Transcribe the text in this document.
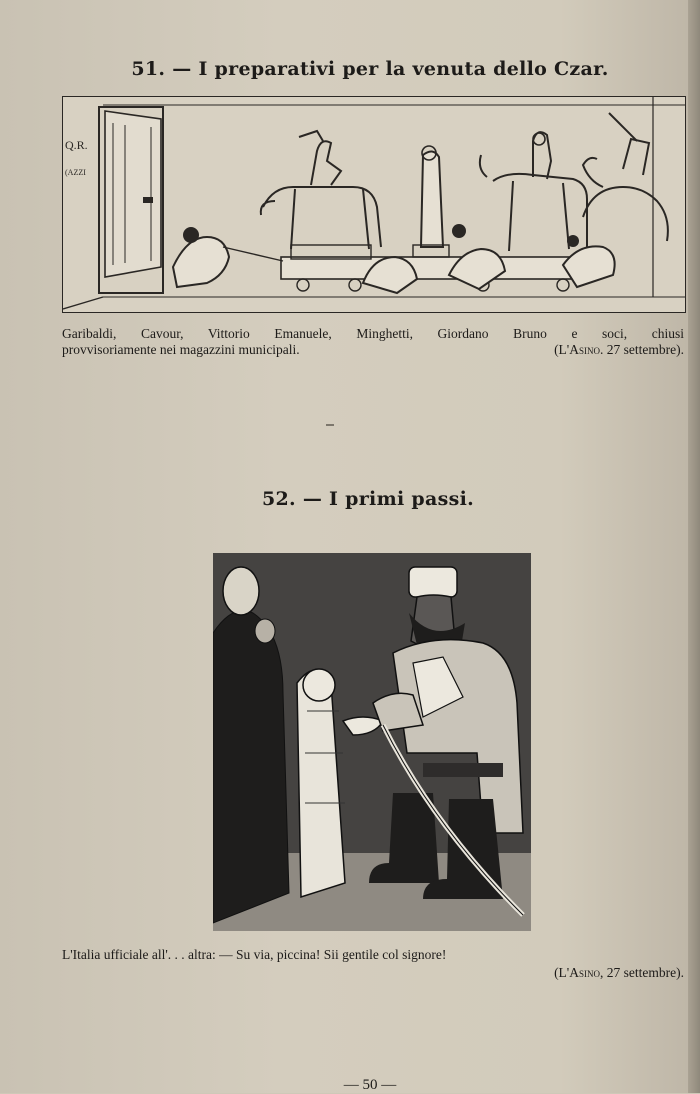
51. — I preparativi per la venuta dello Czar.
Q.R.
(AZZI
Garibaldi, Cavour, Vittorio Emanuele, Minghetti, Giordano Bruno e soci, chiusi
provvisoriamente nei magazzini municipali.	(L'Asino. 27 settembre).
52. — I primi passi.
L'Italia ufficiale all'. . . altra: — Su via, piccina! Sii gentile col signore!
(L'Asino, 27 settembre).
— 50 —
